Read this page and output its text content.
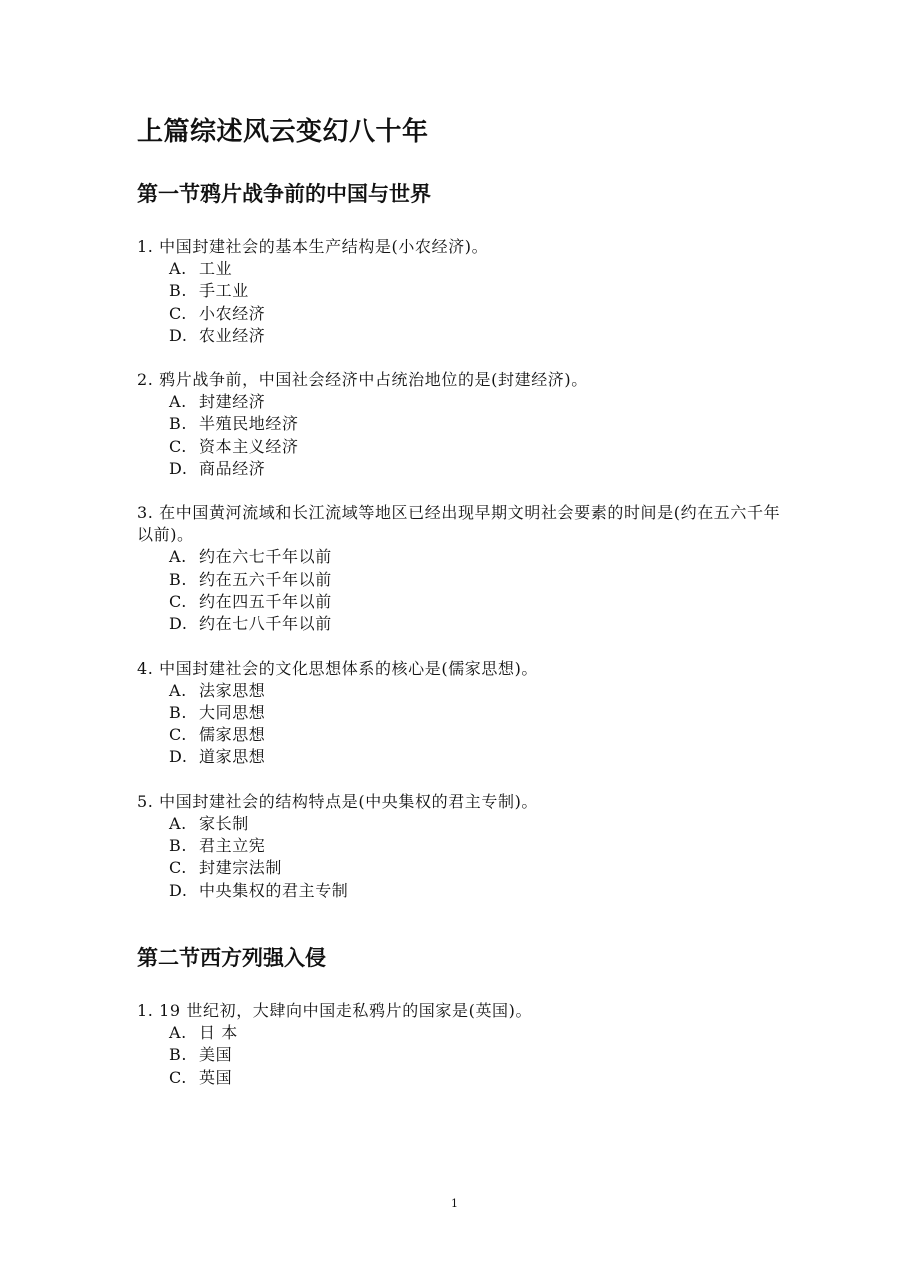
上篇综述风云变幻八十年
第一节鸦片战争前的中国与世界
1. 中国封建社会的基本生产结构是(小农经济)。
A. 工业
B. 手工业
C. 小农经济
D. 农业经济
2. 鸦片战争前，中国社会经济中占统治地位的是(封建经济)。
A. 封建经济
B. 半殖民地经济
C. 资本主义经济
D. 商品经济
3. 在中国黄河流域和长江流域等地区已经出现早期文明社会要素的时间是(约在五六千年以前)。
A. 约在六七千年以前
B. 约在五六千年以前
C. 约在四五千年以前
D. 约在七八千年以前
4. 中国封建社会的文化思想体系的核心是(儒家思想)。
A. 法家思想
B. 大同思想
C. 儒家思想
D. 道家思想
5. 中国封建社会的结构特点是(中央集权的君主专制)。
A. 家长制
B. 君主立宪
C. 封建宗法制
D. 中央集权的君主专制
第二节西方列强入侵
1. 19 世纪初，大肆向中国走私鸦片的国家是(英国)。
A. 日 本
B. 美国
C. 英国
1
